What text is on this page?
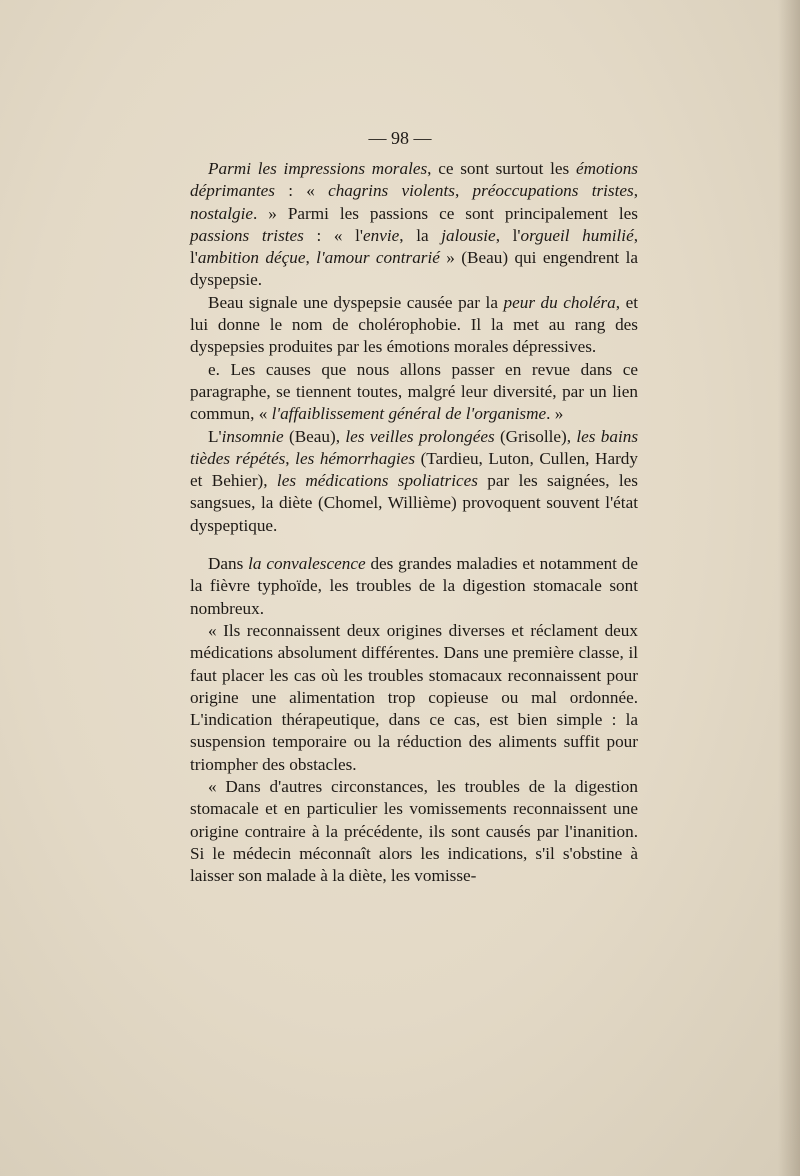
— 98 —

Parmi les impressions morales, ce sont surtout les émotions déprimantes : « chagrins violents, préoccupations tristes, nostalgie. » Parmi les passions ce sont principalement les passions tristes : « l'envie, la jalousie, l'orgueil humilié, l'ambition déçue, l'amour contrarié » (Beau) qui engendrent la dyspepsie.

Beau signale une dyspepsie causée par la peur du choléra, et lui donne le nom de cholérophobie. Il la met au rang des dyspepsies produites par les émotions morales dépressives.

e. Les causes que nous allons passer en revue dans ce paragraphe, se tiennent toutes, malgré leur diversité, par un lien commun, « l'affaiblissement général de l'organisme. »

L'insomnie (Beau), les veilles prolongées (Grisolle), les bains tièdes répétés, les hémorrhagies (Tardieu, Luton, Cullen, Hardy et Behier), les médications spoliatrices par les saignées, les sangsues, la diète (Chomel, Willième) provoquent souvent l'état dyspeptique.

Dans la convalescence des grandes maladies et notamment de la fièvre typhoïde, les troubles de la digestion stomacale sont nombreux.

« Ils reconnaissent deux origines diverses et réclament deux médications absolument différentes. Dans une première classe, il faut placer les cas où les troubles stomacaux reconnaissent pour origine une alimentation trop copieuse ou mal ordonnée. L'indication thérapeutique, dans ce cas, est bien simple : la suspension temporaire ou la réduction des aliments suffit pour triompher des obstacles.

« Dans d'autres circonstances, les troubles de la digestion stomacale et en particulier les vomissements reconnaissent une origine contraire à la précédente, ils sont causés par l'inanition. Si le médecin méconnaît alors les indications, s'il s'obstine à laisser son malade à la diète, les vomisse-
